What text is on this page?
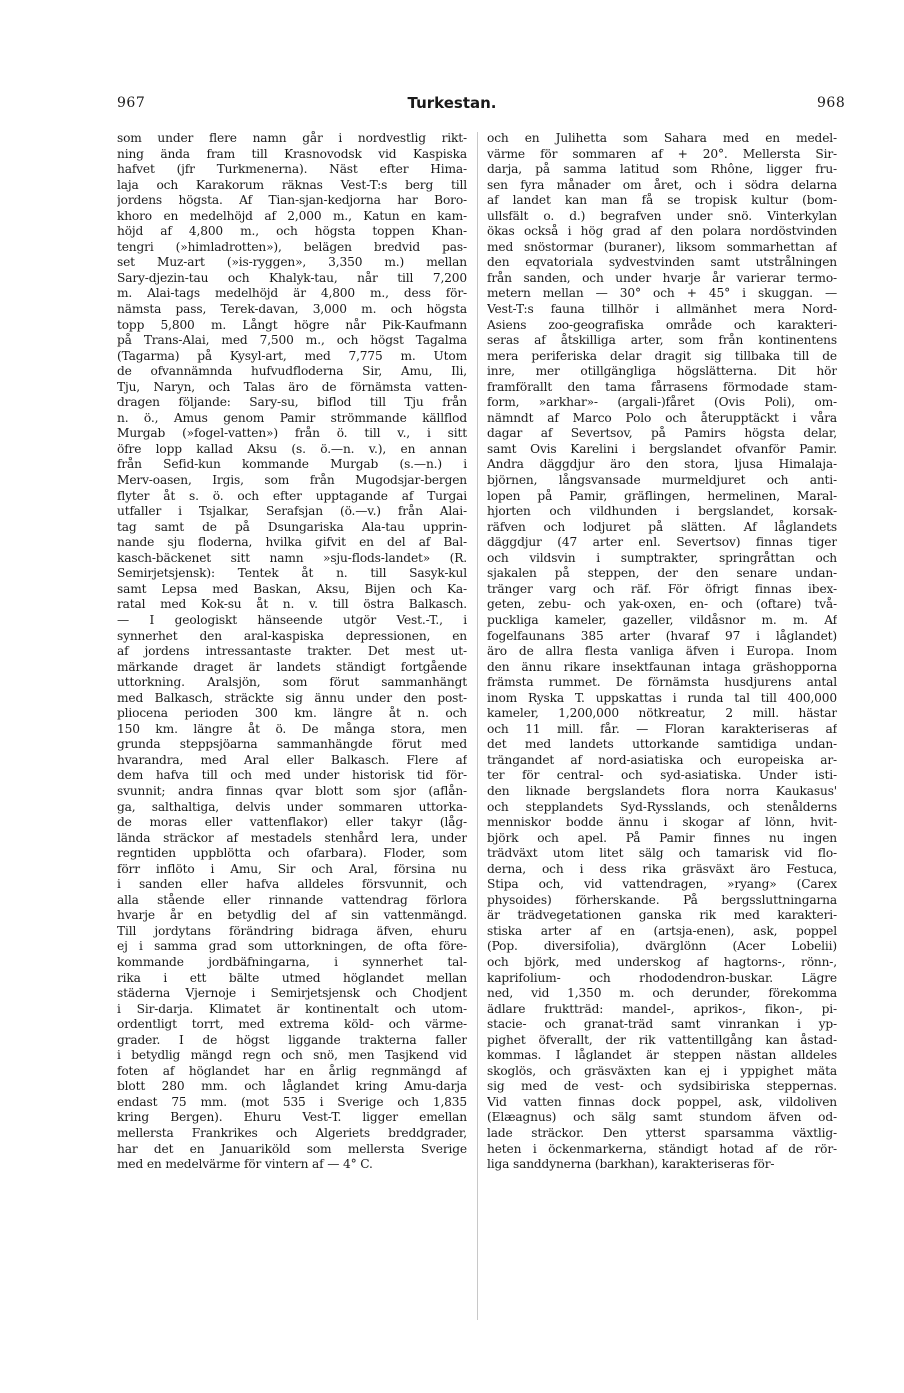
967	Turkestan.	968
som under flere namn går i nordvestlig rikt-
ning ända fram till Krasnovodsk vid Kaspiska
hafvet (jfr Turkmenerna). Näst efter Hima-
laja och Karakorum räknas Vest-T:s berg till
jordens högsta. Af Tian-sjan-kedjorna har Boro-
khoro en medelhöjd af 2,000 m., Katun en kam-
höjd af 4,800 m., och högsta toppen Khan-
tengri (»himladrotten»), belägen bredvid pas-
set Muz-art (»is-ryggen», 3,350 m.) mellan
Sary-djezin-tau och Khalyk-tau, når till 7,200
m. Alai-tags medelhöjd är 4,800 m., dess för-
nämsta pass, Terek-davan, 3,000 m. och högsta
topp 5,800 m. Långt högre når Pik-Kaufmann
på Trans-Alai, med 7,500 m., och högst Tagalma
(Tagarma) på Kysyl-art, med 7,775 m. Utom
de ofvannämnda hufvudfloderna Sir, Amu, Ili,
Tju, Naryn, och Talas äro de förnämsta vatten-
dragen följande: Sary-su, biflod till Tju från
n. ö., Amus genom Pamir strömmande källflod
Murgab (»fogel-vatten») från ö. till v., i sitt
öfre lopp kallad Aksu (s. ö.—n. v.), en annan
från Sefid-kun kommande Murgab (s.—n.) i
Merv-oasen, Irgis, som från Mugodsjar-bergen
flyter åt s. ö. och efter upptagande af Turgai
utfaller i Tsjalkar, Serafsjan (ö.—v.) från Alai-
tag samt de på Dsungariska Ala-tau upprin-
nande sju floderna, hvilka gifvit en del af Bal-
kasch-bäckenet sitt namn »sju-flods-landet» (R.
Semirjetsjensk): Tentek åt n. till Sasyk-kul
samt Lepsa med Baskan, Aksu, Bijen och Ka-
ratal med Kok-su åt n. v. till östra Balkasch.
— I geologiskt hänseende utgör Vest.-T., i
synnerhet den aral-kaspiska depressionen, en
af jordens intressantaste trakter. Det mest ut-
märkande draget är landets ständigt fortgående
uttorkning. Aralsjön, som förut sammanhängt
med Balkasch, sträckte sig ännu under den post-
pliocena perioden 300 km. längre åt n. och
150 km. längre åt ö. De många stora, men
grunda steppsjöarna sammanhängde förut med
hvarandra, med Aral eller Balkasch. Flere af
dem hafva till och med under historisk tid för-
svunnit; andra finnas qvar blott som sjor (aflån-
ga, salthaltiga, delvis under sommaren uttorka-
de moras eller vattenflakor) eller takyr (låg-
lända sträckor af mestadels stenhård lera, under
regntiden uppblötta och ofarbara). Floder, som
förr inflöto i Amu, Sir och Aral, försina nu
i sanden eller hafva alldeles försvunnit, och
alla stående eller rinnande vattendrag förlora
hvarje år en betydlig del af sin vattenmängd.
Till jordytans förändring bidraga äfven, ehuru
ej i samma grad som uttorkningen, de ofta före-
kommande jordbäfningarna, i synnerhet tal-
rika i ett bälte utmed höglandet mellan
städerna Vjernoje i Semirjetsjensk och Chodjent
i Sir-darja. Klimatet är kontinentalt och utom-
ordentligt torrt, med extrema köld- och värme-
grader. I de högst liggande trakterna faller
i betydlig mängd regn och snö, men Tasjkend vid
foten af höglandet har en årlig regnmängd af
blott 280 mm. och låglandet kring Amu-darja
endast 75 mm. (mot 535 i Sverige och 1,835
kring Bergen). Ehuru Vest-T. ligger emellan
mellersta Frankrikes och Algeriets breddgrader,
har det en Januariköld som mellersta Sverige
med en medelvärme för vintern af — 4° C.
och en Julihetta som Sahara med en medel-
värme för sommaren af + 20°. Mellersta Sir-
darja, på samma latitud som Rhône, ligger fru-
sen fyra månader om året, och i södra delarna
af landet kan man få se tropisk kultur (bom-
ullsfält o. d.) begrafven under snö. Vinterkylan
ökas också i hög grad af den polara nordöstvinden
med snöstormar (buraner), liksom sommarhettan af
den eqvatoriala sydvestvinden samt utstrålningen
från sanden, och under hvarje år varierar termo-
metern mellan — 30° och + 45° i skuggan. —
Vest-T:s fauna tillhör i allmänhet mera Nord-
Asiens zoo-geografiska område och karakteri-
seras af åtskilliga arter, som från kontinentens
mera periferiska delar dragit sig tillbaka till de
inre, mer otillgängliga högslätterna. Dit hör
framförallt den tama fårrasens förmodade stam-
form, »arkhar»- (argali-)fåret (Ovis Poli), om-
nämndt af Marco Polo och återupptäckt i våra
dagar af Severtsov, på Pamirs högsta delar,
samt Ovis Karelini i bergslandet ofvanför Pamir.
Andra däggdjur äro den stora, ljusa Himalaja-
björnen, långsvansade murmeldjuret och anti-
lopen på Pamir, gräflingen, hermelinen, Maral-
hjorten och vildhunden i bergslandet, korsak-
räfven och lodjuret på slätten. Af låglandets
däggdjur (47 arter enl. Severtsov) finnas tiger
och vildsvin i sumptrakter, springråttan och
sjakalen på steppen, der den senare undan-
tränger varg och räf. För öfrigt finnas ibex-
geten, zebu- och yak-oxen, en- och (oftare) två-
puckliga kameler, gazeller, vildåsnor m. m. Af
fogelfaunans 385 arter (hvaraf 97 i låglandet)
äro de allra flesta vanliga äfven i Europa. Inom
den ännu rikare insektfaunan intaga gräshopporna
främsta rummet. De förnämsta husdjurens antal
inom Ryska T. uppskattas i runda tal till 400,000
kameler, 1,200,000 nötkreatur, 2 mill. hästar
och 11 mill. får. — Floran karakteriseras af
det med landets uttorkande samtidiga undan-
trängandet af nord-asiatiska och europeiska ar-
ter för central- och syd-asiatiska. Under isti-
den liknade bergslandets flora norra Kaukasus'
och stepplandets Syd-Rysslands, och stenålderns
menniskor bodde ännu i skogar af lönn, hvit-
björk och apel. På Pamir finnes nu ingen
trädväxt utom litet sälg och tamarisk vid flo-
derna, och i dess rika gräsväxt äro Festuca,
Stipa och, vid vattendragen, »ryang» (Carex
physoides) förherskande. På bergssluttningarna
är trädvegetationen ganska rik med karakteri-
stiska arter af en (artsja-enen), ask, poppel
(Pop. diversifolia), dvärglönn (Acer Lobelii)
och björk, med underskog af hagtorns-, rönn-,
kaprifolium- och rhododendron-buskar. Lägre
ned, vid 1,350 m. och derunder, förekomma
ädlare fruktträd: mandel-, aprikos-, fikon-, pi-
stacie- och granat-träd samt vinrankan i yp-
pighet öfverallt, der rik vattentillgång kan åstad-
kommas. I låglandet är steppen nästan alldeles
skoglös, och gräsväxten kan ej i yppighet mäta
sig med de vest- och sydsibiriska steppernas.
Vid vatten finnas dock poppel, ask, vildoliven
(Elæagnus) och sälg samt stundom äfven od-
lade sträckor. Den ytterst sparsamma växtlig-
heten i öckenmarkerna, ständigt hotad af de rör-
liga sanddynerna (barkhan), karakteriseras för-
